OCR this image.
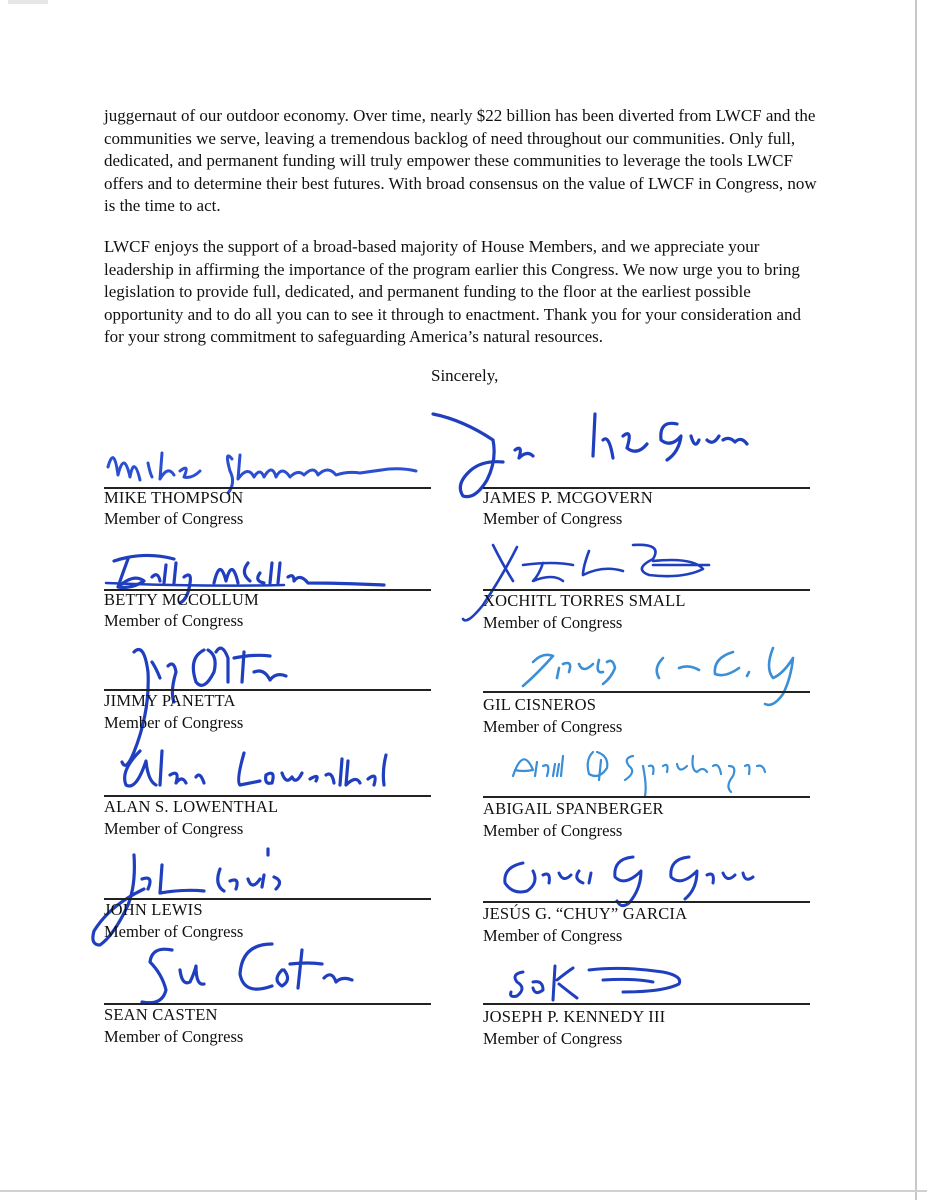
juggernaut of our outdoor economy. Over time, nearly $22 billion has been diverted from LWCF and the communities we serve, leaving a tremendous backlog of need throughout our communities. Only full, dedicated, and permanent funding will truly empower these communities to leverage the tools LWCF offers and to determine their best futures. With broad consensus on the value of LWCF in Congress, now is the time to act.

LWCF enjoys the support of a broad-based majority of House Members, and we appreciate your leadership in affirming the importance of the program earlier this Congress. We now urge you to bring legislation to provide full, dedicated, and permanent funding to the floor at the earliest possible opportunity and to do all you can to see it through to enactment. Thank you for your consideration and for your strong commitment to safeguarding America’s natural resources.

Sincerely,
MIKE THOMPSON
Member of Congress
BETTY MCCOLLUM
Member of Congress
JIMMY PANETTA
Member of Congress
ALAN S. LOWENTHAL
Member of Congress
JOHN LEWIS
Member of Congress
SEAN CASTEN
Member of Congress
JAMES P. MCGOVERN
Member of Congress
XOCHITL TORRES SMALL
Member of Congress
GIL CISNEROS
Member of Congress
ABIGAIL SPANBERGER
Member of Congress
JESÚS G. “CHUY” GARCIA
Member of Congress
JOSEPH P. KENNEDY III
Member of Congress
